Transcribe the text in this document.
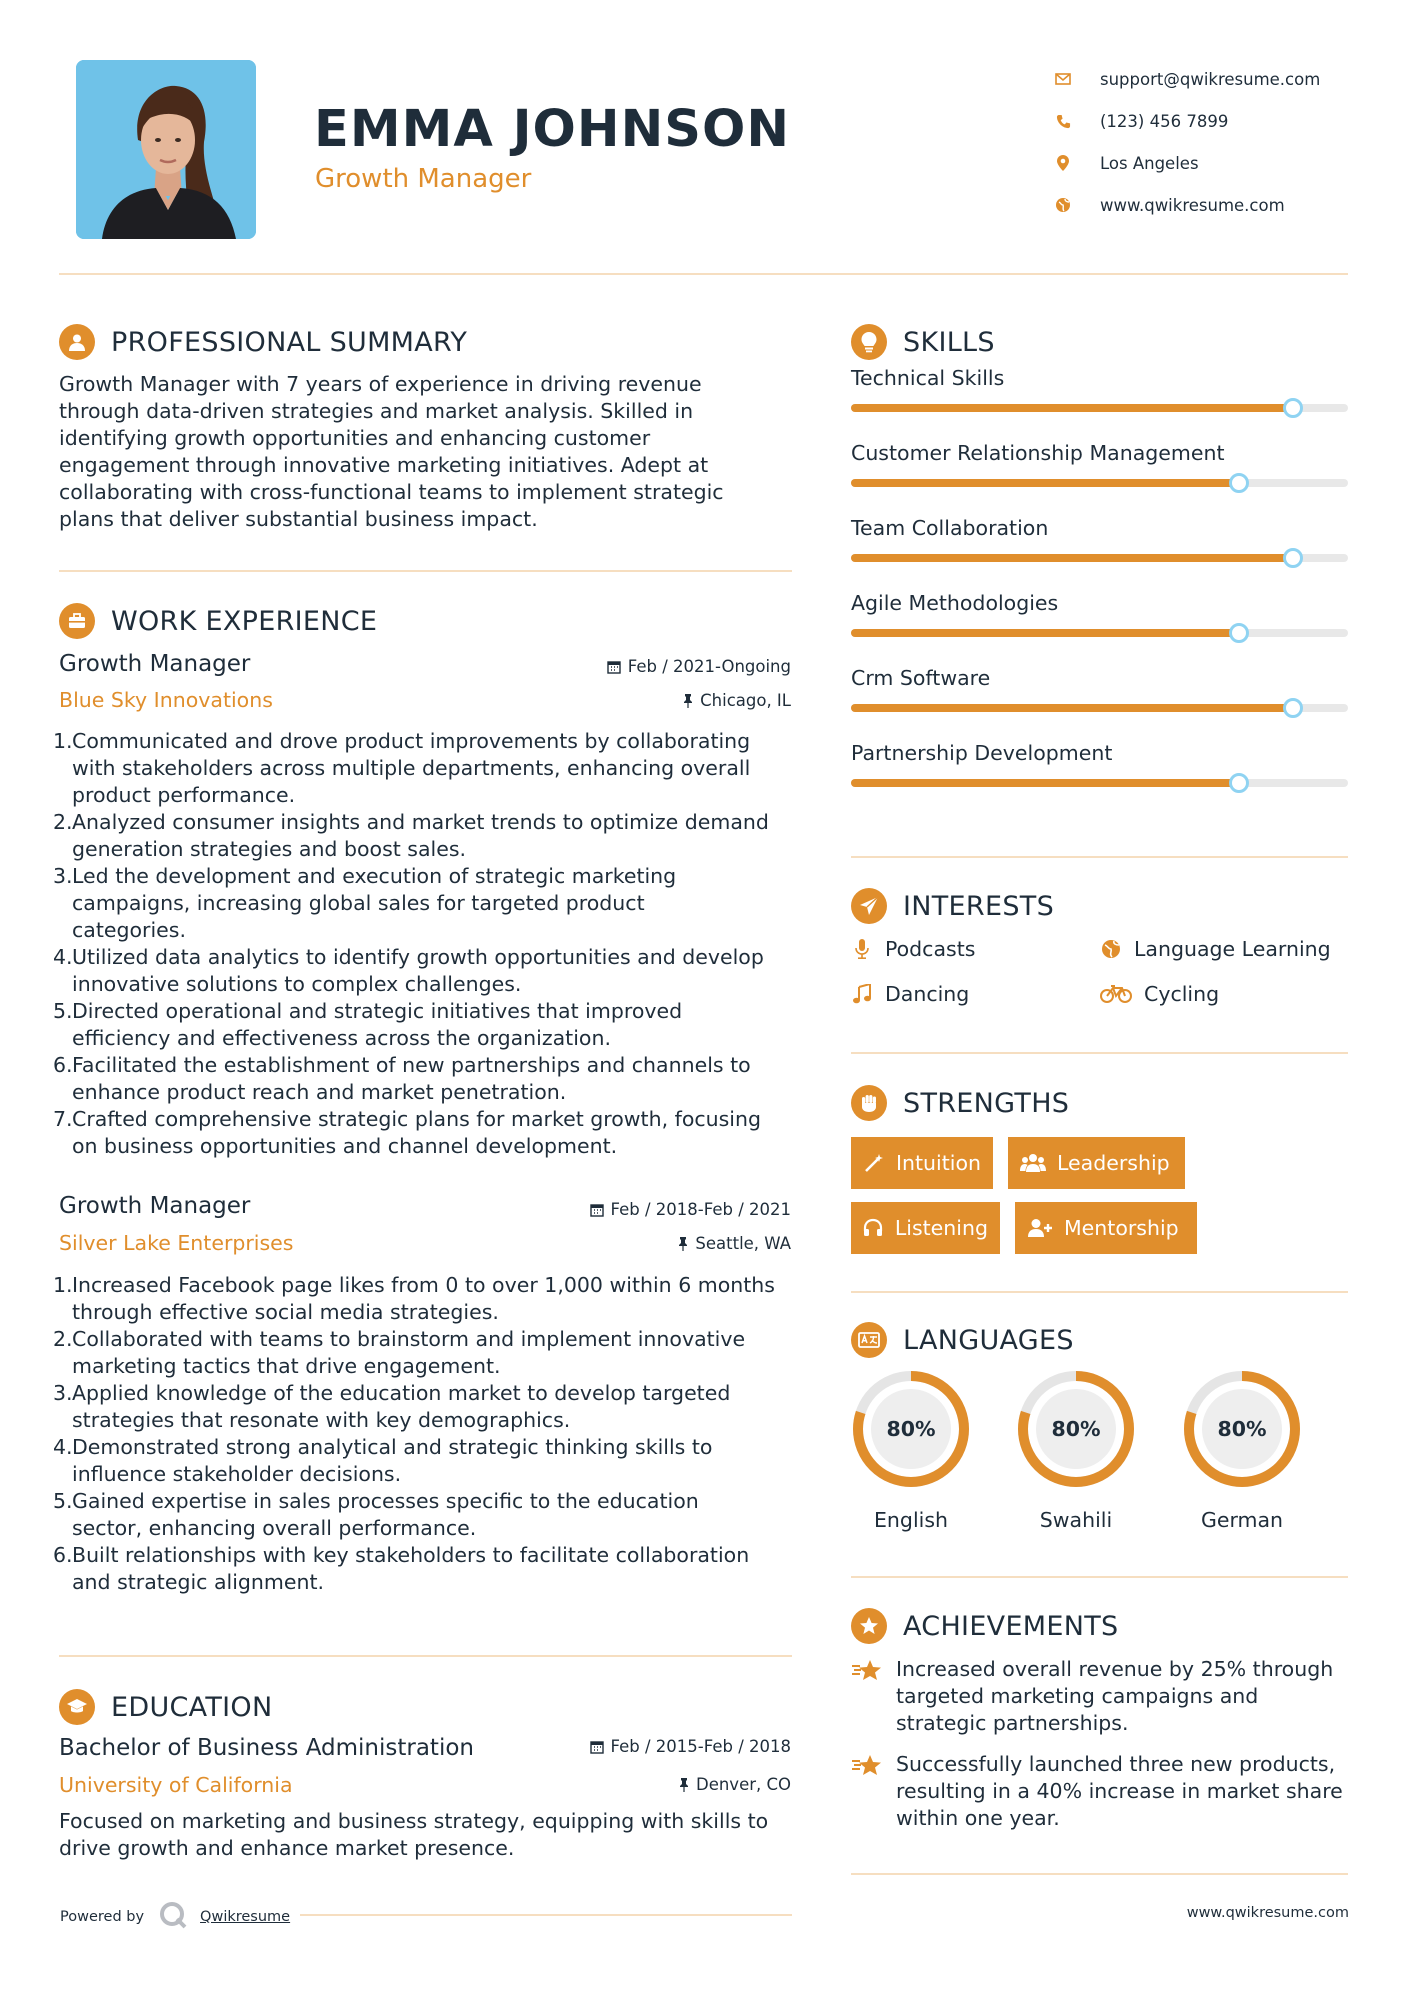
EMMA JOHNSON
Growth Manager
support@qwikresume.com
(123) 456 7899
Los Angeles
www.qwikresume.com
PROFESSIONAL SUMMARY
Growth Manager with 7 years of experience in driving revenue
through data-driven strategies and market analysis. Skilled in
identifying growth opportunities and enhancing customer
engagement through innovative marketing initiatives. Adept at
collaborating with cross-functional teams to implement strategic
plans that deliver substantial business impact.
WORK EXPERIENCE
Growth Manager	Feb / 2021-Ongoing
Blue Sky Innovations	Chicago, IL
1. Communicated and drove product improvements by collaborating
with stakeholders across multiple departments, enhancing overall
product performance.
2. Analyzed consumer insights and market trends to optimize demand
generation strategies and boost sales.
3. Led the development and execution of strategic marketing
campaigns, increasing global sales for targeted product
categories.
4. Utilized data analytics to identify growth opportunities and develop
innovative solutions to complex challenges.
5. Directed operational and strategic initiatives that improved
efficiency and effectiveness across the organization.
6. Facilitated the establishment of new partnerships and channels to
enhance product reach and market penetration.
7. Crafted comprehensive strategic plans for market growth, focusing
on business opportunities and channel development.
Growth Manager	Feb / 2018-Feb / 2021
Silver Lake Enterprises	Seattle, WA
1. Increased Facebook page likes from 0 to over 1,000 within 6 months
through effective social media strategies.
2. Collaborated with teams to brainstorm and implement innovative
marketing tactics that drive engagement.
3. Applied knowledge of the education market to develop targeted
strategies that resonate with key demographics.
4. Demonstrated strong analytical and strategic thinking skills to
influence stakeholder decisions.
5. Gained expertise in sales processes specific to the education
sector, enhancing overall performance.
6. Built relationships with key stakeholders to facilitate collaboration
and strategic alignment.
EDUCATION
Bachelor of Business Administration	Feb / 2015-Feb / 2018
University of California	Denver, CO
Focused on marketing and business strategy, equipping with skills to
drive growth and enhance market presence.
SKILLS
Technical Skills
Customer Relationship Management
Team Collaboration
Agile Methodologies
Crm Software
Partnership Development
INTERESTS
Podcasts	Language Learning
Dancing	Cycling
STRENGTHS
Intuition	Leadership
Listening	Mentorship
LANGUAGES
80%
English
80%
Swahili
80%
German
ACHIEVEMENTS
Increased overall revenue by 25% through
targeted marketing campaigns and
strategic partnerships.
Successfully launched three new products,
resulting in a 40% increase in market share
within one year.
Powered by	Qwikresume	www.qwikresume.com
